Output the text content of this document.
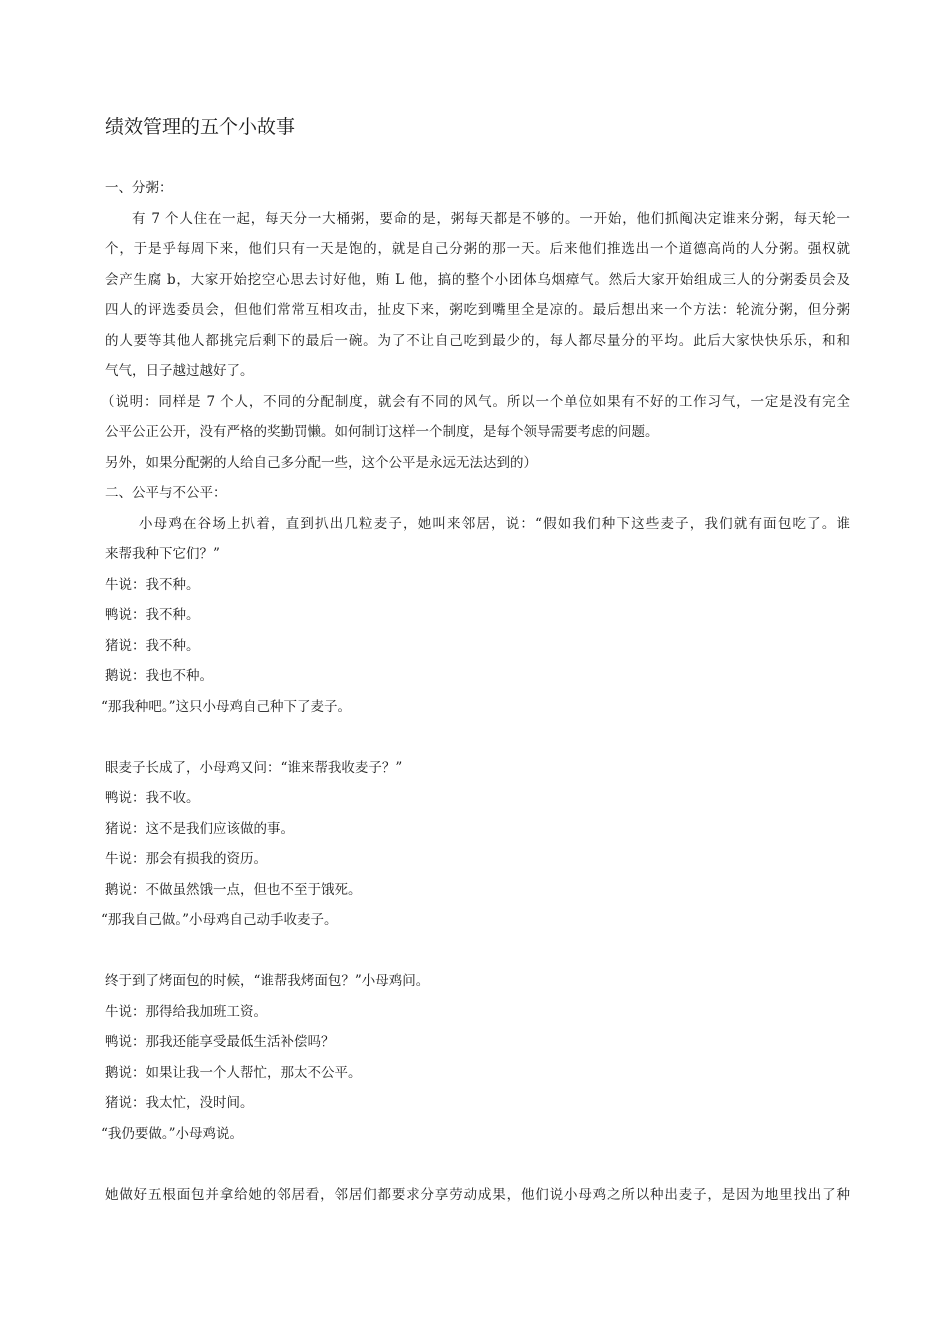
绩效管理的五个小故事
一、分粥：
有 7 个人住在一起，每天分一大桶粥，要命的是，粥每天都是不够的。一开始，他们抓阄决定谁来分粥，每天轮一
个，于是乎每周下来，他们只有一天是饱的，就是自己分粥的那一天。后来他们推选出一个道德高尚的人分粥。强权就
会产生腐 b，大家开始挖空心思去讨好他，贿 L 他，搞的整个小团体乌烟瘴气。然后大家开始组成三人的分粥委员会及
四人的评选委员会，但他们常常互相攻击，扯皮下来，粥吃到嘴里全是凉的。最后想出来一个方法：轮流分粥，但分粥
的人要等其他人都挑完后剩下的最后一碗。为了不让自己吃到最少的，每人都尽量分的平均。此后大家快快乐乐，和和
气气，日子越过越好了。
（说明：同样是 7 个人，不同的分配制度，就会有不同的风气。所以一个单位如果有不好的工作习气，一定是没有完全
公平公正公开，没有严格的奖勤罚懒。如何制订这样一个制度，是每个领导需要考虑的问题。
另外，如果分配粥的人给自己多分配一些，这个公平是永远无法达到的）
二、公平与不公平：
小母鸡在谷场上扒着，直到扒出几粒麦子，她叫来邻居，说：“假如我们种下这些麦子，我们就有面包吃了。谁
来帮我种下它们？”
牛说：我不种。
鸭说：我不种。
猪说：我不种。
鹅说：我也不种。
“那我种吧。”这只小母鸡自己种下了麦子。
眼麦子长成了，小母鸡又问：“谁来帮我收麦子？”
鸭说：我不收。
猪说：这不是我们应该做的事。
牛说：那会有损我的资历。
鹅说：不做虽然饿一点，但也不至于饿死。
“那我自己做。”小母鸡自己动手收麦子。
终于到了烤面包的时候，“谁帮我烤面包？”小母鸡问。
牛说：那得给我加班工资。
鸭说：那我还能享受最低生活补偿吗？
鹅说：如果让我一个人帮忙，那太不公平。
猪说：我太忙，没时间。
“我仍要做。”小母鸡说。
她做好五根面包并拿给她的邻居看，邻居们都要求分享劳动成果，他们说小母鸡之所以种出麦子，是因为地里找出了种
